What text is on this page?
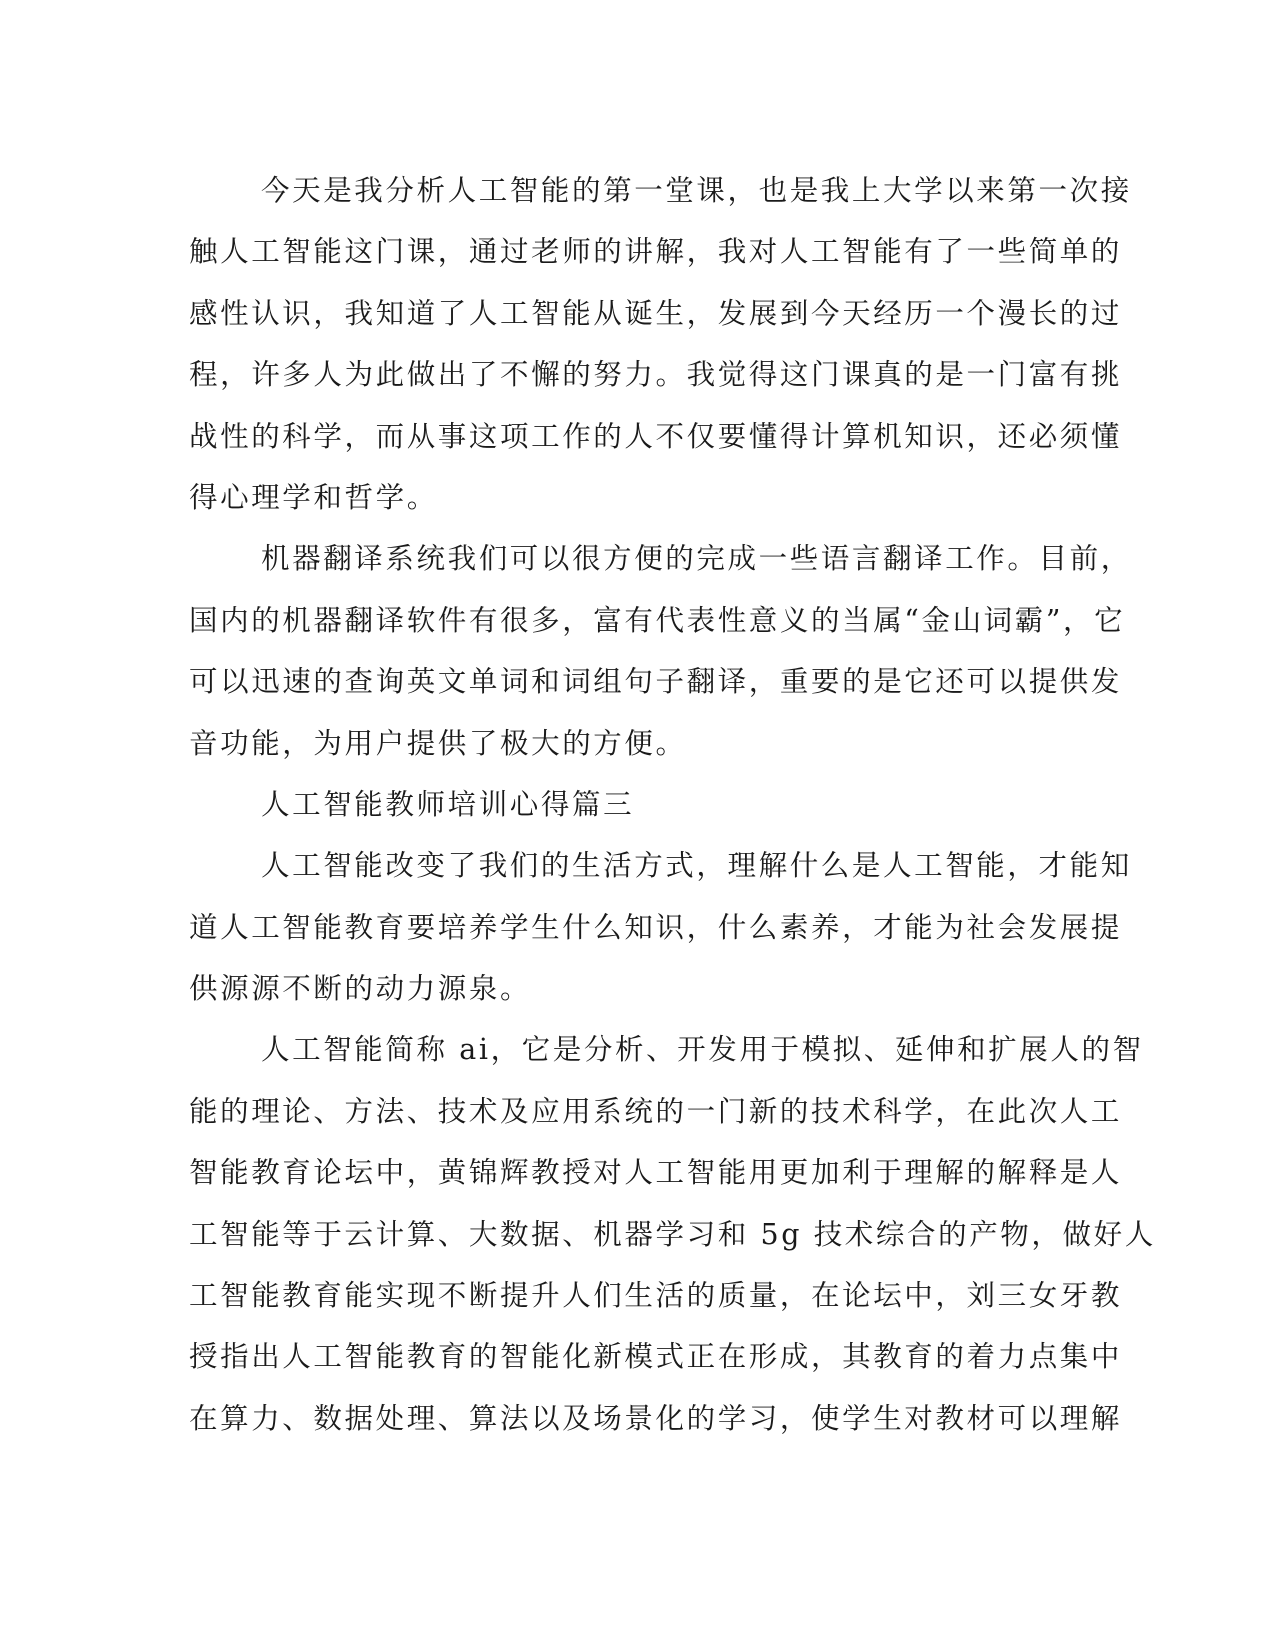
今天是我分析人工智能的第一堂课，也是我上大学以来第一次接
触人工智能这门课，通过老师的讲解，我对人工智能有了一些简单的
感性认识，我知道了人工智能从诞生，发展到今天经历一个漫长的过
程，许多人为此做出了不懈的努力。我觉得这门课真的是一门富有挑
战性的科学，而从事这项工作的人不仅要懂得计算机知识，还必须懂
得心理学和哲学。
机器翻译系统我们可以很方便的完成一些语言翻译工作。目前，
国内的机器翻译软件有很多，富有代表性意义的当属“金山词霸”，它
可以迅速的查询英文单词和词组句子翻译，重要的是它还可以提供发
音功能，为用户提供了极大的方便。
人工智能教师培训心得篇三
人工智能改变了我们的生活方式，理解什么是人工智能，才能知
道人工智能教育要培养学生什么知识，什么素养，才能为社会发展提
供源源不断的动力源泉。
人工智能简称 ai，它是分析、开发用于模拟、延伸和扩展人的智
能的理论、方法、技术及应用系统的一门新的技术科学，在此次人工
智能教育论坛中，黄锦辉教授对人工智能用更加利于理解的解释是人
工智能等于云计算、大数据、机器学习和 5g 技术综合的产物，做好人
工智能教育能实现不断提升人们生活的质量，在论坛中，刘三女牙教
授指出人工智能教育的智能化新模式正在形成，其教育的着力点集中
在算力、数据处理、算法以及场景化的学习，使学生对教材可以理解
